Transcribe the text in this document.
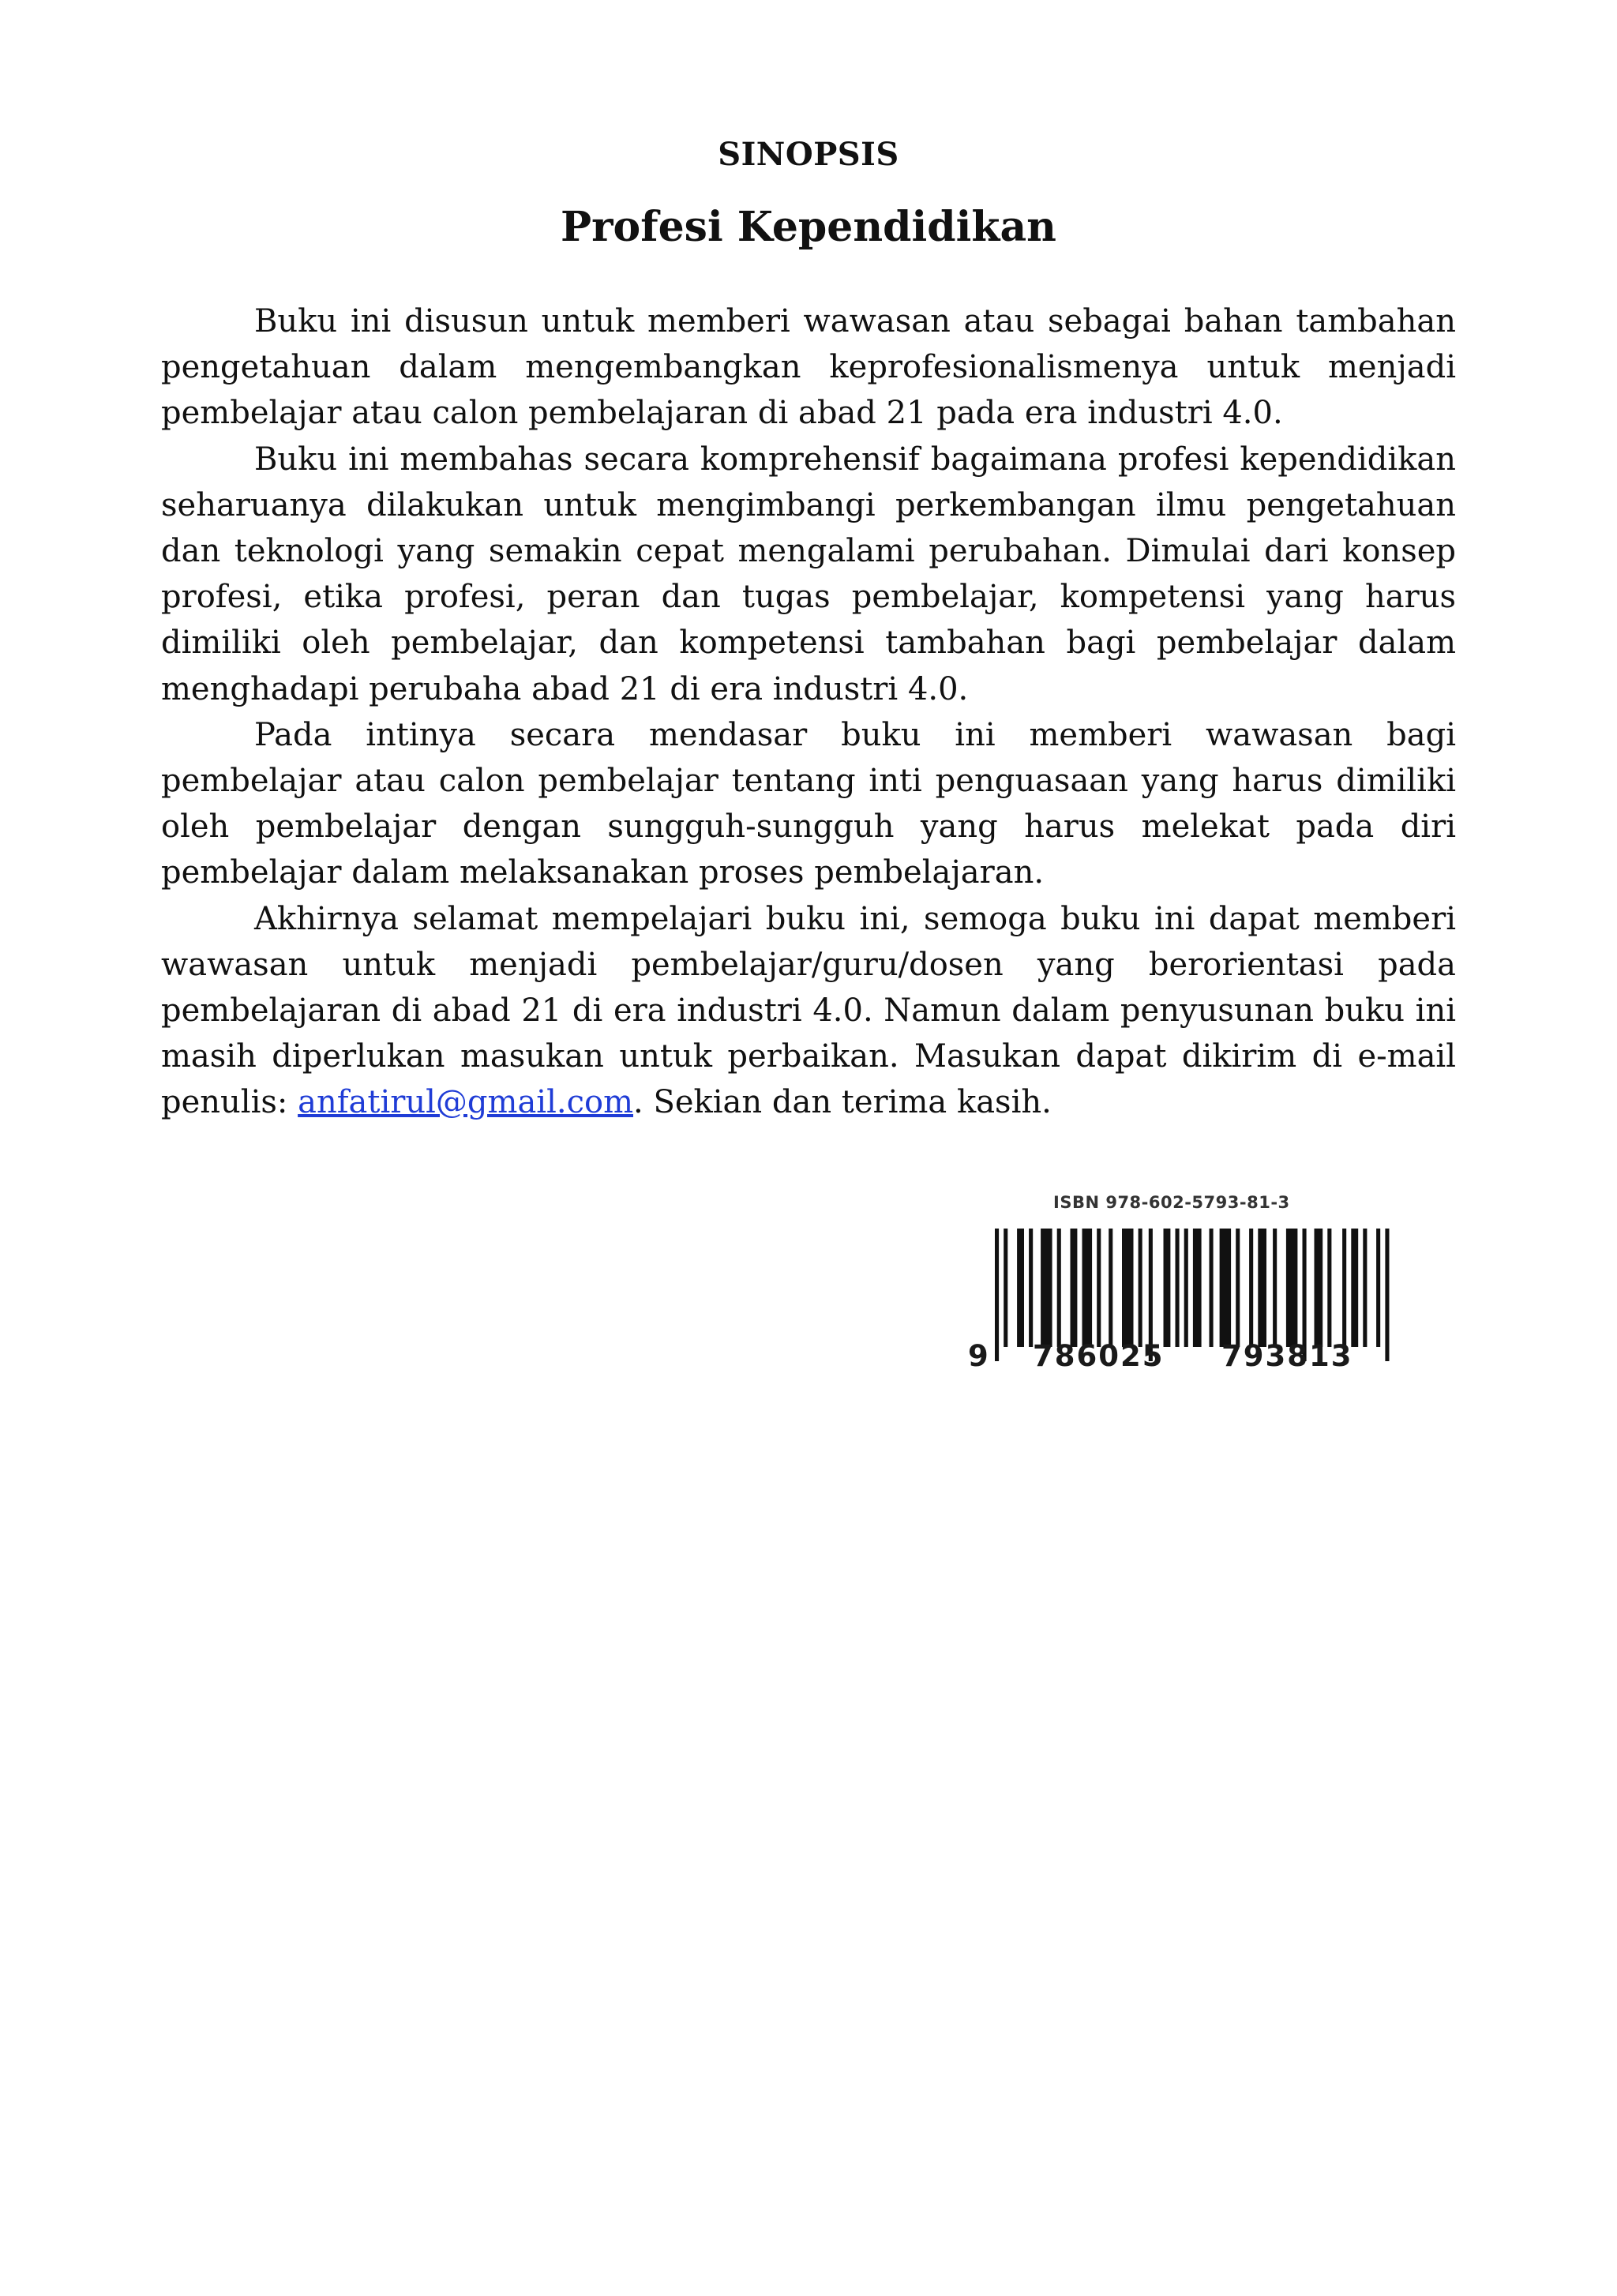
SINOPSIS
Profesi Kependidikan

Buku ini disusun untuk memberi wawasan atau sebagai bahan tambahan pengetahuan dalam mengembangkan keprofesionalismenya untuk menjadi pembelajar atau calon pembelajaran di abad 21 pada era industri 4.0.

Buku ini membahas secara komprehensif bagaimana profesi kependidikan seharuanya dilakukan untuk mengimbangi perkembangan ilmu pengetahuan dan teknologi yang semakin cepat mengalami perubahan. Dimulai dari konsep profesi, etika profesi, peran dan tugas pembelajar, kompetensi yang harus dimiliki oleh pembelajar, dan kompetensi tambahan bagi pembelajar dalam menghadapi perubaha abad 21 di era industri 4.0.

Pada intinya secara mendasar buku ini memberi wawasan bagi pembelajar atau calon pembelajar tentang inti penguasaan yang harus dimiliki oleh pembelajar dengan sungguh-sungguh yang harus melekat pada diri pembelajar dalam melaksanakan proses pembelajaran.

Akhirnya selamat mempelajari buku ini, semoga buku ini dapat memberi wawasan untuk menjadi pembelajar/guru/dosen yang berorientasi pada pembelajaran di abad 21 di era industri 4.0. Namun dalam penyusunan buku ini masih diperlukan masukan untuk perbaikan. Masukan dapat dikirim di e-mail penulis: anfatirul@gmail.com. Sekian dan terima kasih.

ISBN 978-602-5793-81-3
9 786025 793813
